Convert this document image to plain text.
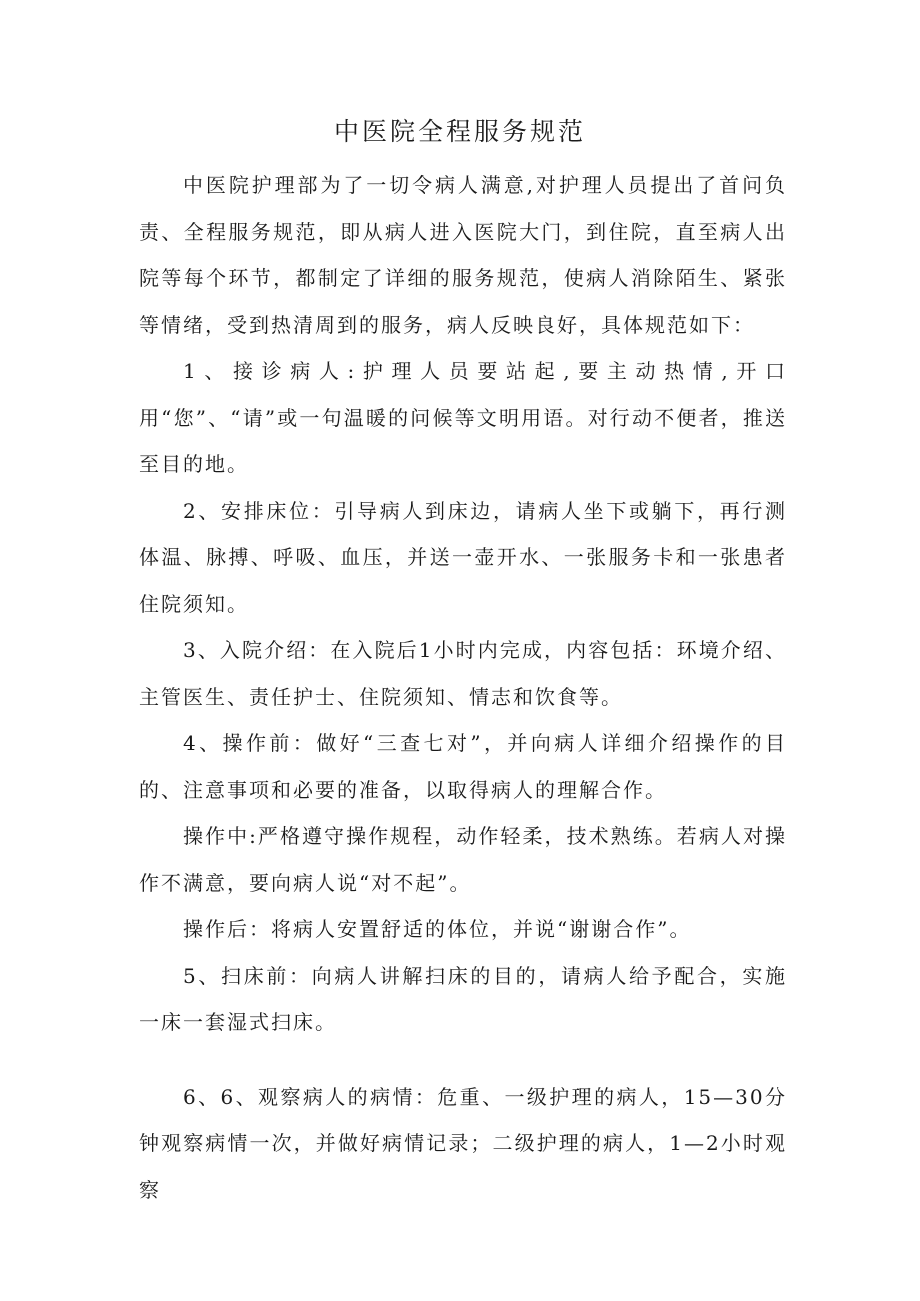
中医院全程服务规范

中医院护理部为了一切令病人满意,对护理人员提出了首问负责、全程服务规范，即从病人进入医院大门，到住院，直至病人出院等每个环节，都制定了详细的服务规范，使病人消除陌生、紧张等情绪，受到热清周到的服务，病人反映良好，具体规范如下：

1、接诊病人:护理人员要站起,要主动热情,开口用“您”、“请”或一句温暖的问候等文明用语。对行动不便者，推送至目的地。

2、安排床位：引导病人到床边，请病人坐下或躺下，再行测体温、脉搏、呼吸、血压，并送一壶开水、一张服务卡和一张患者住院须知。

3、入院介绍：在入院后1小时内完成，内容包括：环境介绍、主管医生、责任护士、住院须知、情志和饮食等。

4、操作前：做好“三查七对”，并向病人详细介绍操作的目的、注意事项和必要的准备，以取得病人的理解合作。

操作中:严格遵守操作规程，动作轻柔，技术熟练。若病人对操作不满意，要向病人说“对不起”。

操作后：将病人安置舒适的体位，并说“谢谢合作”。

5、扫床前：向病人讲解扫床的目的，请病人给予配合，实施一床一套湿式扫床。

6、6、观察病人的病情：危重、一级护理的病人，15—30分钟观察病情一次，并做好病情记录；二级护理的病人，1—2小时观察
